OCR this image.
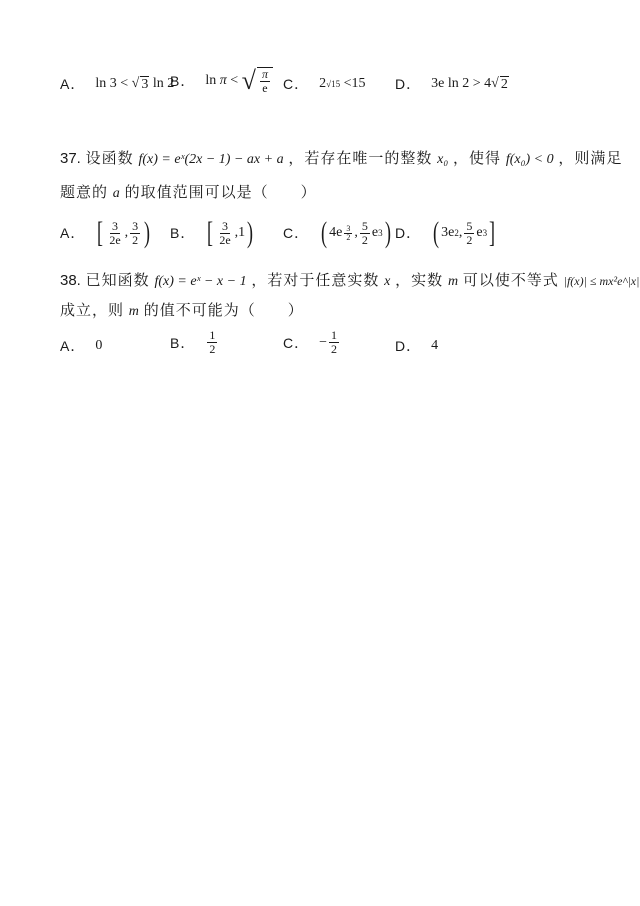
A． ln 3 < √ 3 ln 2
B． ln π < √ $\frac{\pi}{e}$ C． 2 √15 <15 D． 3e ln 2 > 4 √ 2
37. 设函数 f(x) = eˣ(2x − 1) − ax + a ，若存在唯一的整数 x₀ ，使得 f(x₀) < 0 ，则满足
题意的 a 的取值范围可以是（　　）
A． [ $\frac{3}{2e}$ , $\frac{3}{2}$ ) B． [ $\frac{3}{2e} ,1$ ) C． ( $4e \frac{3}{2}$ , $\frac{5}{2}$ e 3 ) D． ( 3e 2 , $\frac{5}{2}$ e 3 ]
38. 已知函数 f(x) = eˣ − x − 1 ，若对于任意实数 x ，实数 m 可以使不等式 |f(x)| ≤ mx²e^|x|
成立，则 m 的值不可能为（　　）
A． 0	B． $\frac{1}{2}$	C． − $\frac{1}{2}$	D． 4
